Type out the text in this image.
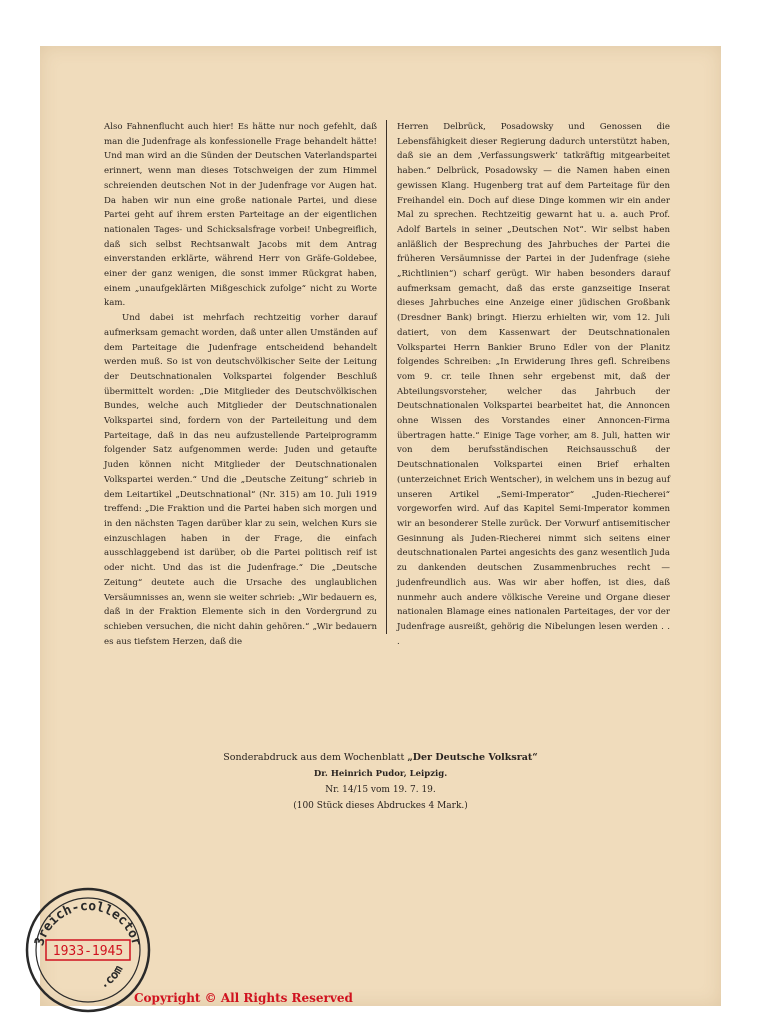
Also Fahnenflucht auch hier! Es hätte nur noch gefehlt, daß man die Judenfrage als konfessionelle Frage behandelt hätte! Und man wird an die Sünden der Deutschen Vaterlandspartei erinnert, wenn man dieses Totschweigen der zum Himmel schreienden deutschen Not in der Judenfrage vor Augen hat. Da haben wir nun eine große nationale Partei, und diese Partei geht auf ihrem ersten Parteitage an der eigentlichen nationalen Tages- und Schicksalsfrage vorbei! Unbegreiflich, daß sich selbst Rechtsanwalt Jacobs mit dem Antrag einverstanden erklärte, während Herr von Gräfe-Goldebee, einer der ganz wenigen, die sonst immer Rückgrat haben, einem „unaufgeklärten Mißgeschick zufolge“ nicht zu Worte kam.

Und dabei ist mehrfach rechtzeitig vorher darauf aufmerksam gemacht worden, daß unter allen Umständen auf dem Parteitage die Judenfrage entscheidend behandelt werden muß. So ist von deutschvölkischer Seite der Leitung der Deutschnationalen Volkspartei folgender Beschluß übermittelt worden: „Die Mitglieder des Deutschvölkischen Bundes, welche auch Mitglieder der Deutschnationalen Volkspartei sind, fordern von der Parteileitung und dem Parteitage, daß in das neu aufzustellende Parteiprogramm folgender Satz aufgenommen werde: Juden und getaufte Juden können nicht Mitglieder der Deutschnationalen Volkspartei werden.“ Und die „Deutsche Zeitung“ schrieb in dem Leitartikel „Deutschnational“ (Nr. 315) am 10. Juli 1919 treffend: „Die Fraktion und die Partei haben sich morgen und in den nächsten Tagen darüber klar zu sein, welchen Kurs sie einzuschlagen haben in der Frage, die einfach ausschlaggebend ist darüber, ob die Partei politisch reif ist oder nicht. Und das ist die Judenfrage.“ Die „Deutsche Zeitung“ deutete auch die Ursache des unglaublichen Versäumnisses an, wenn sie weiter schrieb: „Wir bedauern es, daß in der Fraktion Elemente sich in den Vordergrund zu schieben versuchen, die nicht dahin gehören.“ „Wir bedauern es aus tiefstem Herzen, daß die

Herren Delbrück, Posadowsky und Genossen die Lebensfähigkeit dieser Regierung dadurch unterstützt haben, daß sie an dem ‚Verfassungswerk‘ tatkräftig mitgearbeitet haben.“ Delbrück, Posadowsky — die Namen haben einen gewissen Klang. Hugenberg trat auf dem Parteitage für den Freihandel ein. Doch auf diese Dinge kommen wir ein ander Mal zu sprechen. Rechtzeitig gewarnt hat u. a. auch Prof. Adolf Bartels in seiner „Deutschen Not“. Wir selbst haben anläßlich der Besprechung des Jahrbuches der Partei die früheren Versäumnisse der Partei in der Judenfrage (siehe „Richtlinien“) scharf gerügt. Wir haben besonders darauf aufmerksam gemacht, daß das erste ganzseitige Inserat dieses Jahrbuches eine Anzeige einer jüdischen Großbank (Dresdner Bank) bringt. Hierzu erhielten wir, vom 12. Juli datiert, von dem Kassenwart der Deutschnationalen Volkspartei Herrn Bankier Bruno Edler von der Planitz folgendes Schreiben: „In Erwiderung Ihres gefl. Schreibens vom 9. cr. teile Ihnen sehr ergebenst mit, daß der Abteilungsvorsteher, welcher das Jahrbuch der Deutschnationalen Volkspartei bearbeitet hat, die Annoncen ohne Wissen des Vorstandes einer Annoncen-Firma übertragen hatte.“ Einige Tage vorher, am 8. Juli, hatten wir von dem berufsständischen Reichsausschuß der Deutschnationalen Volkspartei einen Brief erhalten (unterzeichnet Erich Wentscher), in welchem uns in bezug auf unseren Artikel „Semi-Imperator“ „Juden-Riecherei“ vorgeworfen wird. Auf das Kapitel Semi-Imperator kommen wir an besonderer Stelle zurück. Der Vorwurf antisemitischer Gesinnung als Juden-Riecherei nimmt sich seitens einer deutschnationalen Partei angesichts des ganz wesentlich Juda zu dankenden deutschen Zusammenbruches recht — judenfreundlich aus. Was wir aber hoffen, ist dies, daß nunmehr auch andere völkische Vereine und Organe dieser nationalen Blamage eines nationalen Parteitages, der vor der Judenfrage ausreißt, gehörig die Nibelungen lesen werden . . .

Sonderabdruck aus dem Wochenblatt „Der Deutsche Volksrat“
Dr. Heinrich Pudor, Leipzig.
Nr. 14/15 vom 19. 7. 19.
(100 Stück dieses Abdruckes 4 Mark.)
3reich-collector
.com
1933-1945
Copyright © All Rights Reserved
